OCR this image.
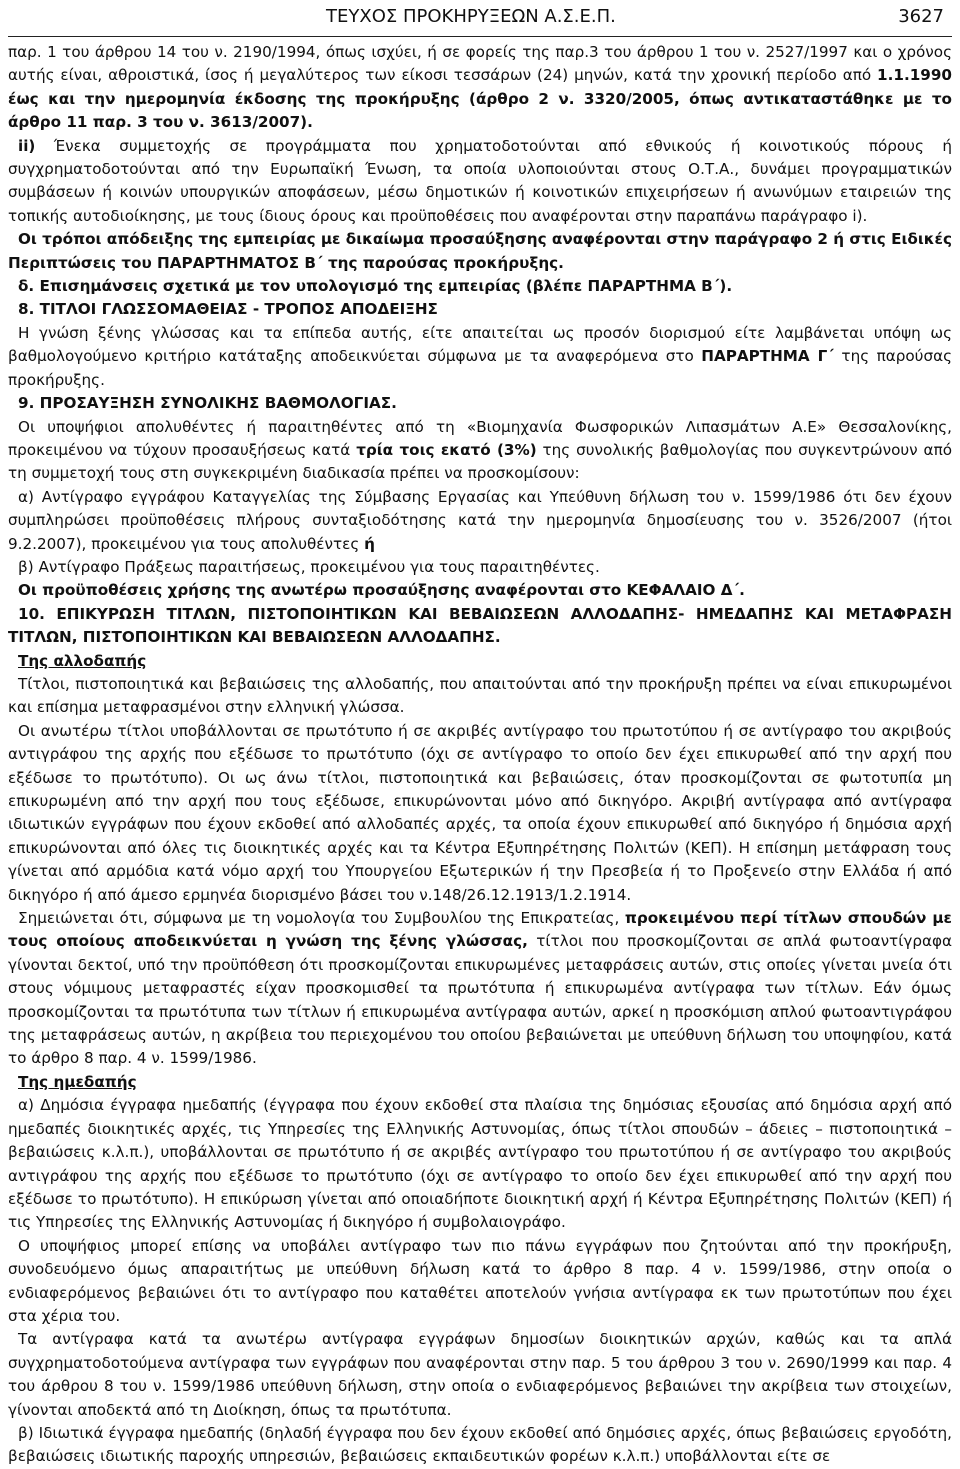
ΤΕΥΧΟΣ ΠΡΟΚΗΡΥΞΕΩΝ Α.Σ.Ε.Π.	3627

παρ. 1 του άρθρου 14 του ν. 2190/1994, όπως ισχύει, ή σε φορείς της παρ.3 του άρθρου 1 του ν. 2527/1997 και ο χρόνος αυτής είναι, αθροιστικά, ίσος ή μεγαλύτερος των είκοσι τεσσάρων (24) μηνών, κατά την χρονική περίοδο από 1.1.1990 έως και την ημερομηνία έκδοσης της προκήρυξης (άρθρο 2 ν. 3320/2005, όπως αντικαταστάθηκε με το άρθρο 11 παρ. 3 του ν. 3613/2007).

ii) Ένεκα συμμετοχής σε προγράμματα που χρηματοδοτούνται από εθνικούς ή κοινοτικούς πόρους ή συγχρηματοδοτούνται από την Ευρωπαϊκή Ένωση, τα οποία υλοποιούνται στους Ο.Τ.Α., δυνάμει προγραμματικών συμβάσεων ή κοινών υπουργικών αποφάσεων, μέσω δημοτικών ή κοινοτικών επιχειρήσεων ή ανωνύμων εταιρειών της τοπικής αυτοδιοίκησης, με τους ίδιους όρους και προϋποθέσεις που αναφέρονται στην παραπάνω παράγραφο i).

Οι τρόποι απόδειξης της εμπειρίας με δικαίωμα προσαύξησης αναφέρονται στην παράγραφο 2 ή στις Ειδικές Περιπτώσεις του ΠΑΡΑΡΤΗΜΑΤΟΣ Β΄ της παρούσας προκήρυξης.

δ. Επισημάνσεις σχετικά με τον υπολογισμό της εμπειρίας (βλέπε ΠΑΡΑΡΤΗΜΑ Β΄).

8. ΤΙΤΛΟΙ ΓΛΩΣΣΟΜΑΘΕΙΑΣ - ΤΡΟΠΟΣ ΑΠΟΔΕΙΞΗΣ

Η γνώση ξένης γλώσσας και τα επίπεδα αυτής, είτε απαιτείται ως προσόν διορισμού είτε λαμβάνεται υπόψη ως βαθμολογούμενο κριτήριο κατάταξης αποδεικνύεται σύμφωνα με τα αναφερόμενα στο ΠΑΡΑΡΤΗΜΑ Γ΄ της παρούσας προκήρυξης.

9. ΠΡΟΣΑΥΞΗΣΗ ΣΥΝΟΛΙΚΗΣ ΒΑΘΜΟΛΟΓΙΑΣ.

Οι υποψήφιοι απολυθέντες ή παραιτηθέντες από τη «Βιομηχανία Φωσφορικών Λιπασμάτων Α.Ε» Θεσσαλονίκης, προκειμένου να τύχουν προσαυξήσεως κατά τρία τοις εκατό (3%) της συνολικής βαθμολογίας που συγκεντρώνουν από τη συμμετοχή τους στη συγκεκριμένη διαδικασία πρέπει να προσκομίσουν:

α) Αντίγραφο εγγράφου Καταγγελίας της Σύμβασης Εργασίας και Υπεύθυνη δήλωση του ν. 1599/1986 ότι δεν έχουν συμπληρώσει προϋποθέσεις πλήρους συνταξιοδότησης κατά την ημερομηνία δημοσίευσης του ν. 3526/2007 (ήτοι 9.2.2007), προκειμένου για τους απολυθέντες ή

β) Αντίγραφο Πράξεως παραιτήσεως, προκειμένου για τους παραιτηθέντες.

Οι προϋποθέσεις χρήσης της ανωτέρω προσαύξησης αναφέρονται στο ΚΕΦΑΛΑΙΟ Δ΄.

10. ΕΠΙΚΥΡΩΣΗ ΤΙΤΛΩΝ, ΠΙΣΤΟΠΟΙΗΤΙΚΩΝ ΚΑΙ ΒΕΒΑΙΩΣΕΩΝ ΑΛΛΟΔΑΠΗΣ- ΗΜΕΔΑΠΗΣ ΚΑΙ ΜΕΤΑΦΡΑΣΗ ΤΙΤΛΩΝ, ΠΙΣΤΟΠΟΙΗΤΙΚΩΝ ΚΑΙ ΒΕΒΑΙΩΣΕΩΝ ΑΛΛΟΔΑΠΗΣ.

Της αλλοδαπής

Τίτλοι, πιστοποιητικά και βεβαιώσεις της αλλοδαπής, που απαιτούνται από την προκήρυξη πρέπει να είναι επικυρωμένοι και επίσημα μεταφρασμένοι στην ελληνική γλώσσα.

Οι ανωτέρω τίτλοι υποβάλλονται σε πρωτότυπο ή σε ακριβές αντίγραφο του πρωτοτύπου ή σε αντίγραφο του ακριβούς αντιγράφου της αρχής που εξέδωσε το πρωτότυπο (όχι σε αντίγραφο το οποίο δεν έχει επικυρωθεί από την αρχή που εξέδωσε το πρωτότυπο). Οι ως άνω τίτλοι, πιστοποιητικά και βεβαιώσεις, όταν προσκομίζονται σε φωτοτυπία μη επικυρωμένη από την αρχή που τους εξέδωσε, επικυρώνονται μόνο από δικηγόρο. Ακριβή αντίγραφα από αντίγραφα ιδιωτικών εγγράφων που έχουν εκδοθεί από αλλοδαπές αρχές, τα οποία έχουν επικυρωθεί από δικηγόρο ή δημόσια αρχή επικυρώνονται από όλες τις διοικητικές αρχές και τα Κέντρα Εξυπηρέτησης Πολιτών (ΚΕΠ). Η επίσημη μετάφραση τους γίνεται από αρμόδια κατά νόμο αρχή του Υπουργείου Εξωτερικών ή την Πρεσβεία ή το Προξενείο στην Ελλάδα ή από δικηγόρο ή από άμεσο ερμηνέα διορισμένο βάσει του ν.148/26.12.1913/1.2.1914.

Σημειώνεται ότι, σύμφωνα με τη νομολογία του Συμβουλίου της Επικρατείας, προκειμένου περί τίτλων σπουδών με τους οποίους αποδεικνύεται η γνώση της ξένης γλώσσας, τίτλοι που προσκομίζονται σε απλά φωτοαντίγραφα γίνονται δεκτοί, υπό την προϋπόθεση ότι προσκομίζονται επικυρωμένες μεταφράσεις αυτών, στις οποίες γίνεται μνεία ότι στους νόμιμους μεταφραστές είχαν προσκομισθεί τα πρωτότυπα ή επικυρωμένα αντίγραφα των τίτλων. Εάν όμως προσκομίζονται τα πρωτότυπα των τίτλων ή επικυρωμένα αντίγραφα αυτών, αρκεί η προσκόμιση απλού φωτοαντιγράφου της μεταφράσεως αυτών, η ακρίβεια του περιεχομένου του οποίου βεβαιώνεται με υπεύθυνη δήλωση του υποψηφίου, κατά το άρθρο 8 παρ. 4 ν. 1599/1986.

Της ημεδαπής

α) Δημόσια έγγραφα ημεδαπής (έγγραφα που έχουν εκδοθεί στα πλαίσια της δημόσιας εξουσίας από δημόσια αρχή από ημεδαπές διοικητικές αρχές, τις Υπηρεσίες της Ελληνικής Αστυνομίας, όπως τίτλοι σπουδών – άδειες – πιστοποιητικά – βεβαιώσεις κ.λ.π.), υποβάλλονται σε πρωτότυπο ή σε ακριβές αντίγραφο του πρωτοτύπου ή σε αντίγραφο του ακριβούς αντιγράφου της αρχής που εξέδωσε το πρωτότυπο (όχι σε αντίγραφο το οποίο δεν έχει επικυρωθεί από την αρχή που εξέδωσε το πρωτότυπο). Η επικύρωση γίνεται από οποιαδήποτε διοικητική αρχή ή Κέντρα Εξυπηρέτησης Πολιτών (ΚΕΠ) ή τις Υπηρεσίες της Ελληνικής Αστυνομίας ή δικηγόρο ή συμβολαιογράφο.

Ο υποψήφιος μπορεί επίσης να υποβάλει αντίγραφο των πιο πάνω εγγράφων που ζητούνται από την προκήρυξη, συνοδευόμενο όμως απαραιτήτως με υπεύθυνη δήλωση κατά το άρθρο 8 παρ. 4 ν. 1599/1986, στην οποία ο ενδιαφερόμενος βεβαιώνει ότι το αντίγραφο που καταθέτει αποτελούν γνήσια αντίγραφα εκ των πρωτοτύπων που έχει στα χέρια του.

Τα αντίγραφα κατά τα ανωτέρω αντίγραφα εγγράφων δημοσίων διοικητικών αρχών, καθώς και τα απλά συγχρηματοδοτούμενα αντίγραφα των εγγράφων που αναφέρονται στην παρ. 5 του άρθρου 3 του ν. 2690/1999 και παρ. 4 του άρθρου 8 του ν. 1599/1986 υπεύθυνη δήλωση, στην οποία ο ενδιαφερόμενος βεβαιώνει την ακρίβεια των στοιχείων, γίνονται αποδεκτά από τη Διοίκηση, όπως τα πρωτότυπα.

β) Ιδιωτικά έγγραφα ημεδαπής (δηλαδή έγγραφα που δεν έχουν εκδοθεί από δημόσιες αρχές, όπως βεβαιώσεις εργοδότη, βεβαιώσεις ιδιωτικής παροχής υπηρεσιών, βεβαιώσεις εκπαιδευτικών φορέων κ.λ.π.) υποβάλλονται είτε σε
